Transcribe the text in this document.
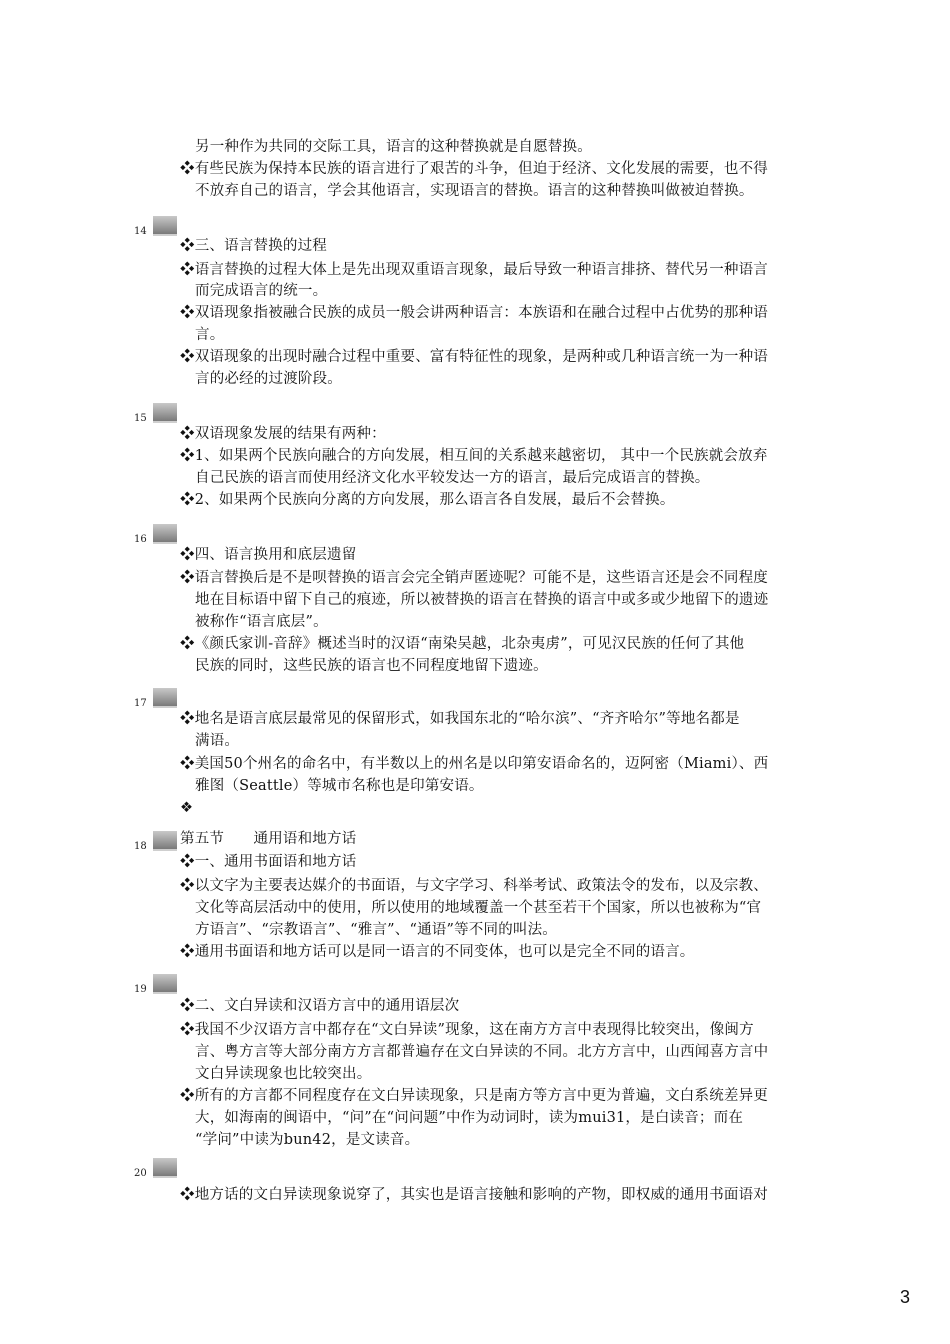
14
15
16
17
18
19
20
另一种作为共同的交际工具，语言的这种替换就是自愿替换。
❖有些民族为保持本民族的语言进行了艰苦的斗争，但迫于经济、文化发展的需要，也不得
不放弃自己的语言，学会其他语言，实现语言的替换。语言的这种替换叫做被迫替换。
❖三、语言替换的过程
❖语言替换的过程大体上是先出现双重语言现象，最后导致一种语言排挤、替代另一种语言
而完成语言的统一。
❖双语现象指被融合民族的成员一般会讲两种语言：本族语和在融合过程中占优势的那种语
言。
❖双语现象的出现时融合过程中重要、富有特征性的现象，是两种或几种语言统一为一种语
言的必经的过渡阶段。
❖双语现象发展的结果有两种：
❖1、如果两个民族向融合的方向发展，相互间的关系越来越密切， 其中一个民族就会放弃
自己民族的语言而使用经济文化水平较发达一方的语言，最后完成语言的替换。
❖2、如果两个民族向分离的方向发展，那么语言各自发展，最后不会替换。
❖四、语言换用和底层遗留
❖语言替换后是不是呗替换的语言会完全销声匿迹呢？可能不是，这些语言还是会不同程度
地在目标语中留下自己的痕迹，所以被替换的语言在替换的语言中或多或少地留下的遗迹
被称作“语言底层”。
❖《颜氏家训-音辞》概述当时的汉语“南染吴越，北杂夷虏”，可见汉民族的任何了其他
民族的同时，这些民族的语言也不同程度地留下遗迹。
❖地名是语言底层最常见的保留形式，如我国东北的“哈尔滨”、“齐齐哈尔”等地名都是
满语。
❖美国50个州名的命名中，有半数以上的州名是以印第安语命名的，迈阿密（Miami）、西
雅图（Seattle）等城市名称也是印第安语。
❖
第五节　　通用语和地方话
❖一、通用书面语和地方话
❖以文字为主要表达媒介的书面语，与文字学习、科举考试、政策法令的发布，以及宗教、
文化等高层活动中的使用，所以使用的地域覆盖一个甚至若干个国家，所以也被称为“官
方语言”、“宗教语言”、“雅言”、“通语”等不同的叫法。
❖通用书面语和地方话可以是同一语言的不同变体，也可以是完全不同的语言。
❖二、文白异读和汉语方言中的通用语层次
❖我国不少汉语方言中都存在“文白异读”现象，这在南方方言中表现得比较突出，像闽方
言、粤方言等大部分南方方言都普遍存在文白异读的不同。北方方言中，山西闻喜方言中
文白异读现象也比较突出。
❖所有的方言都不同程度存在文白异读现象，只是南方等方言中更为普遍，文白系统差异更
大，如海南的闽语中，“问”在“问问题”中作为动词时，读为mui31，是白读音；而在
“学问”中读为bun42，是文读音。
❖地方话的文白异读现象说穿了，其实也是语言接触和影响的产物，即权威的通用书面语对
3
